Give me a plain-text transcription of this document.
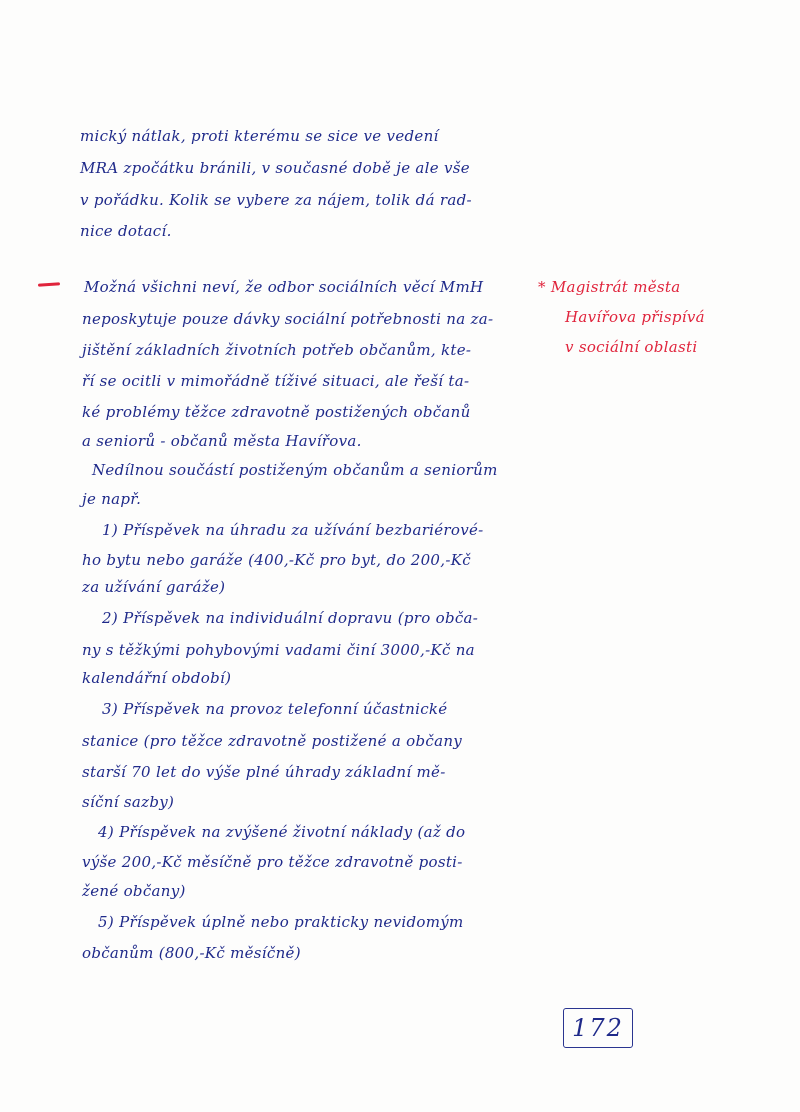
mický nátlak, proti kterému se sice ve vedení
MRA zpočátku bránili, v současné době je ale vše
v pořádku. Kolik se vybere za nájem, tolik dá rad-
nice dotací.
Možná všichni neví, že odbor sociálních věcí MmH
neposkytuje pouze dávky sociální potřebnosti na za-
jištění základních životních potřeb občanům, kte-
ří se ocitli v mimořádně tíživé situaci, ale řeší ta-
ké problémy těžce zdravotně postižených občanů
a seniorů - občanů města Havířova.
Nedílnou součástí postiženým občanům a seniorům
je např.
1) Příspěvek na úhradu za užívání bezbariérové-
ho bytu nebo garáže (400,-Kč pro byt, do 200,-Kč
za užívání garáže)
2) Příspěvek na individuální dopravu (pro obča-
ny s těžkými pohybovými vadami činí 3000,-Kč na
kalendářní období)
3) Příspěvek na provoz telefonní účastnické
stanice (pro těžce zdravotně postižené a občany
starší 70 let do výše plné úhrady základní mě-
síční sazby)
4) Příspěvek na zvýšené životní náklady (až do
výše 200,-Kč měsíčně pro těžce zdravotně posti-
žené občany)
5) Příspěvek úplně nebo prakticky nevidomým
občanům (800,-Kč měsíčně)
* Magistrát města
Havířova přispívá
v sociální oblasti
172
